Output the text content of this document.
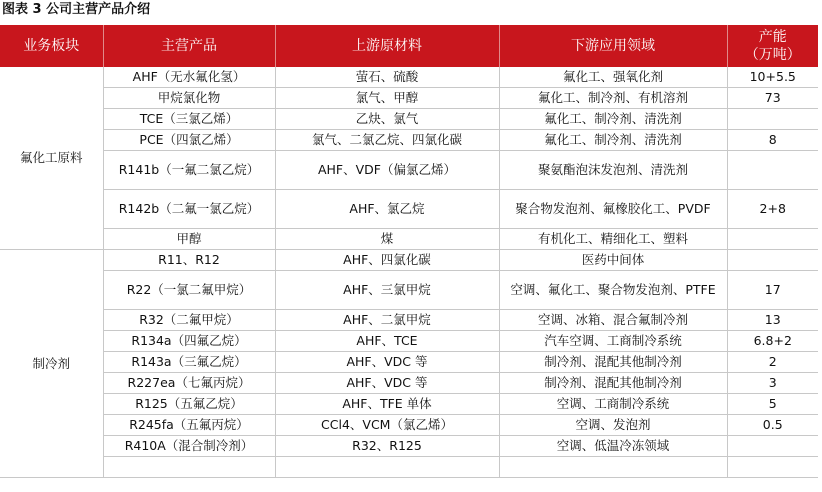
图表 3 公司主营产品介绍
业务板块	主营产品	上游原材料	下游应用领域	产能
（万吨）
氟化工原料	AHF（无水氟化氢）	萤石、硫酸	氟化工、强氧化剂	10+5.5
	甲烷氯化物	氯气、甲醇	氟化工、制冷剂、有机溶剂	73
	TCE（三氯乙烯）	乙炔、氯气	氟化工、制冷剂、清洗剂	
	PCE（四氯乙烯）	氯气、二氯乙烷、四氯化碳	氟化工、制冷剂、清洗剂	8
	R141b（一氟二氯乙烷）	AHF、VDF（偏氯乙烯）	聚氨酯泡沫发泡剂、清洗剂	
	R142b（二氟一氯乙烷）	AHF、氯乙烷	聚合物发泡剂、氟橡胶化工、PVDF	2+8
	甲醇	煤	有机化工、精细化工、塑料	
制冷剂	R11、R12	AHF、四氯化碳	医药中间体	
	R22（一氯二氟甲烷）	AHF、三氯甲烷	空调、氟化工、聚合物发泡剂、PTFE	17
	R32（二氟甲烷）	AHF、二氯甲烷	空调、冰箱、混合氟制冷剂	13
	R134a（四氟乙烷）	AHF、TCE	汽车空调、工商制冷系统	6.8+2
	R143a（三氟乙烷）	AHF、VDC 等	制冷剂、混配其他制冷剂	2
	R227ea（七氟丙烷）	AHF、VDC 等	制冷剂、混配其他制冷剂	3
	R125（五氟乙烷）	AHF、TFE 单体	空调、工商制冷系统	5
	R245fa（五氟丙烷）	CCl4、VCM（氯乙烯）	空调、发泡剂	0.5
	R410A（混合制冷剂）	R32、R125	空调、低温冷冻领域	
